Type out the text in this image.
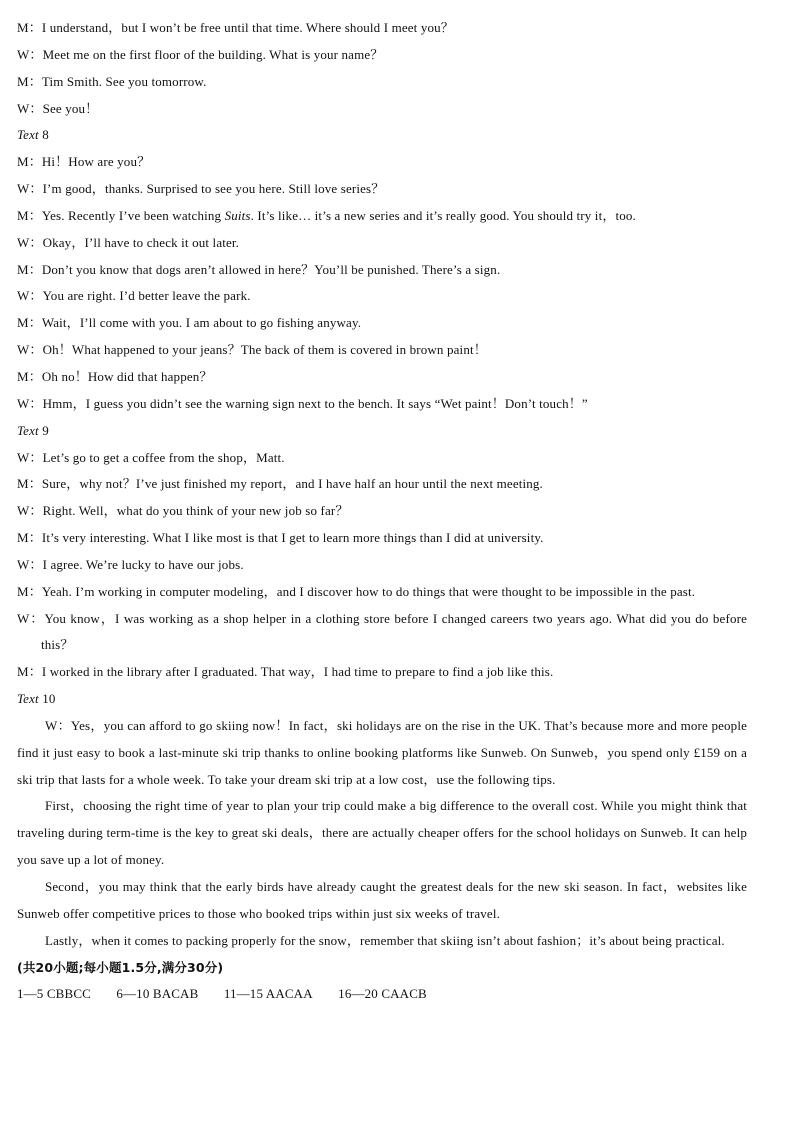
M：I understand，but I won’t be free until that time. Where should I meet you？
W：Meet me on the first floor of the building. What is your name？
M：Tim Smith. See you tomorrow.
W：See you！
Text 8
M：Hi！How are you？
W：I’m good，thanks. Surprised to see you here. Still love series？
M：Yes. Recently I’ve been watching Suits. It’s like… it’s a new series and it’s really good. You should try it，too.
W：Okay，I’ll have to check it out later.
M：Don’t you know that dogs aren’t allowed in here？You’ll be punished. There’s a sign.
W：You are right. I’d better leave the park.
M：Wait，I’ll come with you. I am about to go fishing anyway.
W：Oh！What happened to your jeans？The back of them is covered in brown paint！
M：Oh no！How did that happen？
W：Hmm，I guess you didn’t see the warning sign next to the bench. It says “Wet paint！Don’t touch！”
Text 9
W：Let’s go to get a coffee from the shop，Matt.
M：Sure，why not？I’ve just finished my report，and I have half an hour until the next meeting.
W：Right. Well，what do you think of your new job so far？
M：It’s very interesting. What I like most is that I get to learn more things than I did at university.
W：I agree. We’re lucky to have our jobs.
M：Yeah. I’m working in computer modeling，and I discover how to do things that were thought to be impossible in the past.
W：You know，I was working as a shop helper in a clothing store before I changed careers two years ago. What did you do before this？
M：I worked in the library after I graduated. That way，I had time to prepare to find a job like this.
Text 10
W：Yes，you can afford to go skiing now！In fact，ski holidays are on the rise in the UK. That’s because more and more people find it just easy to book a last-minute ski trip thanks to online booking platforms like Sunweb. On Sunweb，you spend only £159 on a ski trip that lasts for a whole week. To take your dream ski trip at a low cost，use the following tips.
First，choosing the right time of year to plan your trip could make a big difference to the overall cost. While you might think that traveling during term-time is the key to great ski deals，there are actually cheaper offers for the school holidays on Sunweb. It can help you save up a lot of money.
Second，you may think that the early birds have already caught the greatest deals for the new ski season. In fact，websites like Sunweb offer competitive prices to those who booked trips within just six weeks of travel.
Lastly，when it comes to packing properly for the snow，remember that skiing isn’t about fashion；it’s about being practical.
(共20小题;每小题1.5分,满分30分)
1—5 CBBCC 6—10 BACAB 11—15 AACAA 16—20 CAACB
